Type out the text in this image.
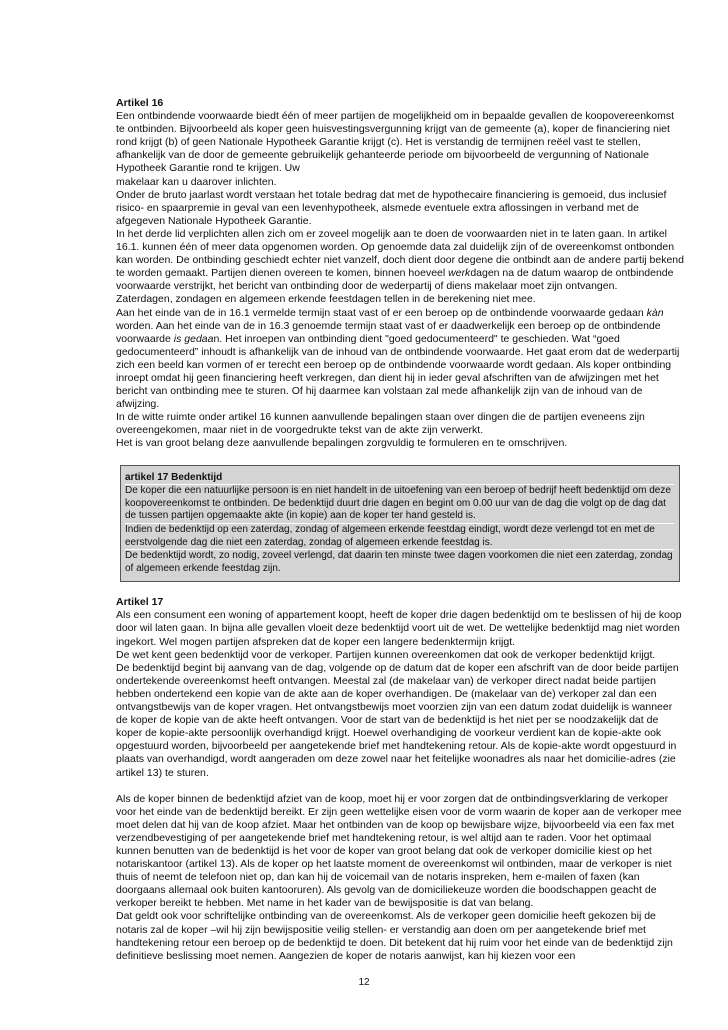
Artikel 16

Een ontbindende voorwaarde biedt één of meer partijen de mogelijkheid om in bepaalde gevallen de koopovereenkomst te ontbinden. Bijvoorbeeld als koper geen huisvestingsvergunning krijgt van de gemeente (a), koper de financiering niet rond krijgt (b) of geen Nationale Hypotheek Garantie krijgt (c). Het is verstandig de termijnen reëel vast te stellen, afhankelijk van de door de gemeente gebruikelijk gehanteerde periode om bijvoorbeeld de vergunning of Nationale Hypotheek Garantie rond te krijgen. Uw

makelaar kan u daarover inlichten.

Onder de bruto jaarlast wordt verstaan het totale bedrag dat met de hypothecaire financiering is gemoeid, dus inclusief risico- en spaarpremie in geval van een levenhypotheek, alsmede eventuele extra aflossingen in verband met de afgegeven Nationale Hypotheek Garantie.

In het derde lid verplichten allen zich om er zoveel mogelijk aan te doen de voorwaarden niet in te laten gaan. In artikel 16.1. kunnen één of meer data opgenomen worden. Op genoemde data zal duidelijk zijn of de overeenkomst ontbonden kan worden. De ontbinding geschiedt echter niet vanzelf, doch dient door degene die ontbindt aan de andere partij bekend te worden gemaakt. Partijen dienen overeen te komen, binnen hoeveel werkdagen na de datum waarop de ontbindende voorwaarde verstrijkt, het bericht van ontbinding door de wederpartij of diens makelaar moet zijn ontvangen.

Zaterdagen, zondagen en algemeen erkende feestdagen tellen in de berekening niet mee.

Aan het einde van de in 16.1 vermelde termijn staat vast of er een beroep op de ontbindende voorwaarde gedaan kàn worden. Aan het einde van de in 16.3 genoemde termijn staat vast of er daadwerkelijk een beroep op de ontbindende voorwaarde is gedaan. Het inroepen van ontbinding dient "goed gedocumenteerd" te geschieden. Wat “goed gedocumenteerd” inhoudt is afhankelijk van de inhoud van de ontbindende voorwaarde. Het gaat erom dat de wederpartij zich een beeld kan vormen of er terecht een beroep op de ontbindende voorwaarde wordt gedaan. Als koper ontbinding inroept omdat hij geen financiering heeft verkregen, dan dient hij in ieder geval afschriften van de afwijzingen met het bericht van ontbinding mee te sturen. Of hij daarmee kan volstaan zal mede afhankelijk zijn van de inhoud van de afwijzing.

In de witte ruimte onder artikel 16 kunnen aanvullende bepalingen staan over dingen die de partijen eveneens zijn overeengekomen, maar niet in de voorgedrukte tekst van de akte zijn verwerkt.

Het is van groot belang deze aanvullende bepalingen zorgvuldig te formuleren en te omschrijven.

artikel 17 Bedenktijd

De koper die een natuurlijke persoon is en niet handelt in de uitoefening van een beroep of bedrijf heeft bedenktijd om deze koopovereenkomst te ontbinden. De bedenktijd duurt drie dagen en begint om 0.00 uur van de dag die volgt op de dag dat de tussen partijen opgemaakte akte (in kopie) aan de koper ter hand gesteld is.

Indien de bedenktijd op een zaterdag, zondag of algemeen erkende feestdag eindigt, wordt deze verlengd tot en met de eerstvolgende dag die niet een zaterdag, zondag of algemeen erkende feestdag is.

De bedenktijd wordt, zo nodig, zoveel verlengd, dat daarin ten minste twee dagen voorkomen die niet een zaterdag, zondag of algemeen erkende feestdag zijn.

Artikel 17

Als een consument een woning of appartement koopt, heeft de koper drie dagen bedenktijd om te beslissen of hij de koop door wil laten gaan. In bijna alle gevallen vloeit deze bedenktijd voort uit de wet. De wettelijke bedenktijd mag niet worden ingekort. Wel mogen partijen afspreken dat de koper een langere bedenktermijn krijgt.

De wet kent geen bedenktijd voor de verkoper. Partijen kunnen overeenkomen dat ook de verkoper bedenktijd krijgt.

De bedenktijd begint bij aanvang van de dag, volgende op de datum dat de koper een afschrift van de door beide partijen ondertekende overeenkomst heeft ontvangen. Meestal zal (de makelaar van) de verkoper direct nadat beide partijen hebben ondertekend een kopie van de akte aan de koper overhandigen. De (makelaar van de) verkoper zal dan een ontvangstbewijs van de koper vragen. Het ontvangstbewijs moet voorzien zijn van een datum zodat duidelijk is wanneer de koper de kopie van de akte heeft ontvangen. Voor de start van de bedenktijd is het niet per se noodzakelijk dat de koper de kopie-akte persoonlijk overhandigd krijgt. Hoewel overhandiging de voorkeur verdient kan de kopie-akte ook opgestuurd worden, bijvoorbeeld per aangetekende brief met handtekening retour. Als de kopie-akte wordt opgestuurd in plaats van overhandigd, wordt aangeraden om deze zowel naar het feitelijke woonadres als naar het domicilie-adres (zie artikel 13) te sturen.

Als de koper binnen de bedenktijd afziet van de koop, moet hij er voor zorgen dat de ontbindingsverklaring de verkoper voor het einde van de bedenktijd bereikt. Er zijn geen wettelijke eisen voor de vorm waarin de koper aan de verkoper mee moet delen dat hij van de koop afziet. Maar het ontbinden van de koop op bewijsbare wijze, bijvoorbeeld via een fax met verzendbevestiging of per aangetekende brief met handtekening retour, is wel altijd aan te raden. Voor het optimaal kunnen benutten van de bedenktijd is het voor de koper van groot belang dat ook de verkoper domicilie kiest op het notariskantoor (artikel 13). Als de koper op het laatste moment de overeenkomst wil ontbinden, maar de verkoper is niet thuis of neemt de telefoon niet op, dan kan hij de voicemail van de notaris inspreken, hem e-mailen of faxen (kan doorgaans allemaal ook buiten kantooruren). Als gevolg van de domiciliekeuze worden die boodschappen geacht de verkoper bereikt te hebben. Met name in het kader van de bewijspositie is dat van belang.

Dat geldt ook voor schriftelijke ontbinding van de overeenkomst. Als de verkoper geen domicilie heeft gekozen bij de notaris zal de koper –wil hij zijn bewijspositie veilig stellen- er verstandig aan doen om per aangetekende brief met handtekening retour een beroep op de bedenktijd te doen. Dit betekent dat hij ruim voor het einde van de bedenktijd zijn definitieve beslissing moet nemen. Aangezien de koper de notaris aanwijst, kan hij kiezen voor een

12
